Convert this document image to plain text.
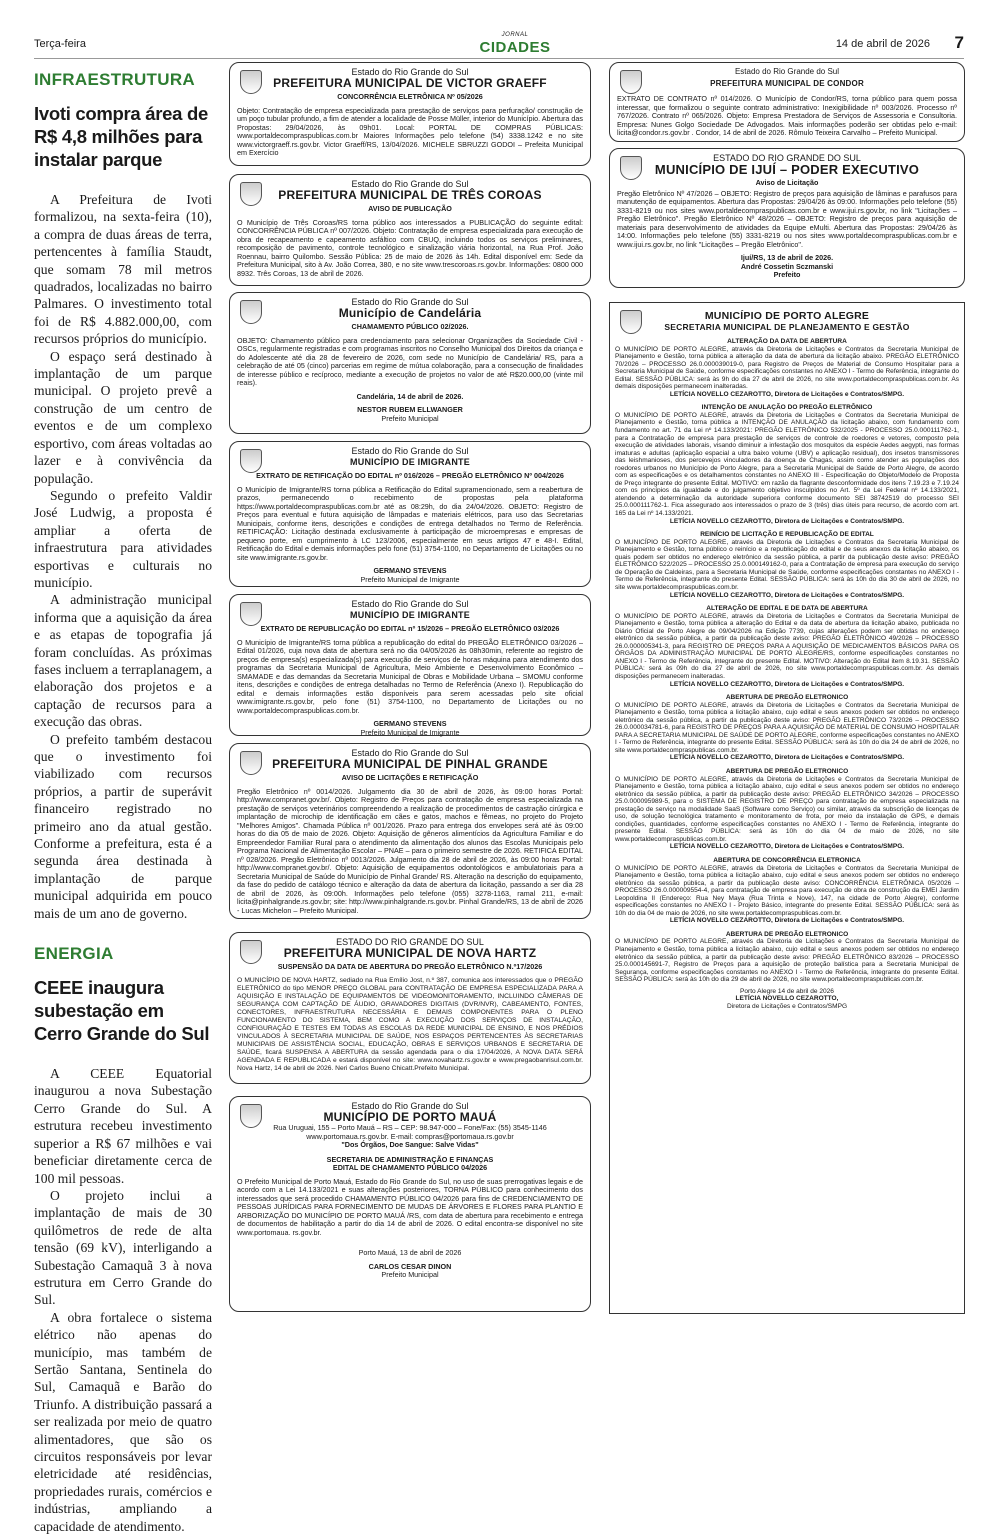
Terça-feira
JORNAL
CIDADES	14 de abril de 2026 7
INFRAESTRUTURA
Ivoti compra área de R$ 4,8 milhões para instalar parque

A Prefeitura de Ivoti formalizou, na sexta-feira (10), a compra de duas áreas de terra, pertencentes à família Staudt, que somam 78 mil metros quadrados, localizadas no bairro Palmares. O investimento total foi de R$ 4.882.000,00, com recursos próprios do município.

O espaço será destinado à implantação de um parque municipal. O projeto prevê a construção de um centro de eventos e de um complexo esportivo, com áreas voltadas ao lazer e à convivência da população.

Segundo o prefeito Valdir José Ludwig, a proposta é ampliar a oferta de infraestrutura para atividades esportivas e culturais no município.

A administração municipal informa que a aquisição da área e as etapas de topografia já foram concluídas. As próximas fases incluem a terraplanagem, a elaboração dos projetos e a captação de recursos para a execução das obras.

O prefeito também destacou que o investimento foi viabilizado com recursos próprios, a partir de superávit financeiro registrado no primeiro ano da atual gestão. Conforme a prefeitura, esta é a segunda área destinada à implantação de parque municipal adquirida em pouco mais de um ano de governo.

ENERGIA
CEEE inaugura subestação em Cerro Grande do Sul

A CEEE Equatorial inaugurou a nova Subestação Cerro Grande do Sul. A estrutura recebeu investimento superior a R$ 67 milhões e vai beneficiar diretamente cerca de 100 mil pessoas.

O projeto inclui a implantação de mais de 30 quilômetros de rede de alta tensão (69 kV), interligando a Subestação Camaquã 3 à nova estrutura em Cerro Grande do Sul.

A obra fortalece o sistema elétrico não apenas do município, mas também de Sertão Santana, Sentinela do Sul, Camaquã e Barão do Triunfo. A distribuição passará a ser realizada por meio de quatro alimentadores, que são os circuitos responsáveis por levar eletricidade até residências, propriedades rurais, comércios e indústrias, ampliando a capacidade de atendimento.

Estado do Rio Grande do Sul
PREFEITURA MUNICIPAL DE VICTOR GRAEFF
CONCORRÊNCIA ELETRÔNICA Nº 05/2026
Objeto: Contratação de empresa especializada para prestação de serviços para perfuração/ construção de um poço tubular profundo, a fim de atender a localidade de Posse Müller, interior do Município. Abertura das Propostas: 29/04/2026, às 09h01. Local: PORTAL DE COMPRAS PÚBLICAS: www.portaldecompraspublicas.com.br Maiores Informações pelo telefone (54) 3338.1242 e no site www.victorgraeff.rs.gov.br. Victor Graeff/RS, 13/04/2026. MICHELE SBRUZZI GODOI – Prefeita Municipal em Exercício
Estado do Rio Grande do Sul
PREFEITURA MUNICIPAL DE TRÊS COROAS
AVISO DE PUBLICAÇÃO
O Município de Três Coroas/RS torna público aos interessados a PUBLICAÇÃO do seguinte edital: CONCORRÊNCIA PÚBLICA nº 007/2026. Objeto: Contratação de empresa especializada para execução de obra de recapeamento e capeamento asfáltico com CBUQ, incluindo todos os serviços preliminares, recomposição de pavimento, controle tecnológico e sinalização viária horizontal, na Rua Prof. João Roennau, bairro Quilombo. Sessão Pública: 25 de maio de 2026 às 14h. Edital disponível em: Sede da Prefeitura Municipal, sito à Av. João Correa, 380, e no site www.trescoroas.rs.gov.br. Informações: 0800 000 8932. Três Coroas, 13 de abril de 2026.
Estado do Rio Grande do Sul
Município de Candelária
CHAMAMENTO PÚBLICO 02/2026.
OBJETO: Chamamento público para credenciamento para selecionar Organizações da Sociedade Civil - OSCs, regularmente registradas e com programas inscritos no Conselho Municipal dos Direitos da criança e do Adolescente até dia 28 de fevereiro de 2026, com sede no Município de Candelária/ RS, para a celebração de até 05 (cinco) parcerias em regime de mútua colaboração, para a consecução de finalidades de interesse público e recíproco, mediante a execução de projetos no valor de até R$20.000,00 (vinte mil reais).
Candelária, 14 de abril de 2026.
NESTOR RUBEM ELLWANGER
Prefeito Municipal
Estado do Rio Grande do Sul
MUNICÍPIO DE IMIGRANTE
EXTRATO DE RETIFICAÇÃO DO EDITAL nº 016/2026 – PREGÃO ELETRÔNICO Nº 004/2026
O Município de Imigrante/RS torna pública a Retificação do Edital supramencionado, sem a reabertura de prazos, permanecendo o recebimento de propostas pela plataforma https://www.portaldecompraspublicas.com.br até as 08:29h, do dia 24/04/2026. OBJETO: Registro de Preços para eventual e futura aquisição de lâmpadas e materiais elétricos, para uso das Secretarias Municipais, conforme itens, descrições e condições de entrega detalhados no Termo de Referência. RETIFICAÇÃO: Licitação destinada exclusivamente à participação de microempresas e empresas de pequeno porte, em cumprimento à LC 123/2006, especialmente em seus artigos 47 e 48-I. Edital, Retificação do Edital e demais informações pelo fone (51) 3754-1100, no Departamento de Licitações ou no site www.imigrante.rs.gov.br.
GERMANO STEVENS
Prefeito Municipal de Imigrante
Estado do Rio Grande do Sul
MUNICÍPIO DE IMIGRANTE
EXTRATO DE REPUBLICAÇÃO DO EDITAL nº 15/2026 – PREGÃO ELETRÔNICO 03/2026
O Município de Imigrante/RS torna pública a republicação do edital do PREGÃO ELETRÔNICO 03/2026 – Edital 01/2026, cuja nova data de abertura será no dia 04/05/2026 às 08h30min, referente ao registro de preços de empresa(s) especializada(s) para execução de serviços de horas máquina para atendimento dos programas da Secretaria Municipal de Agricultura, Meio Ambiente e Desenvolvimento Econômico – SMAMADE e das demandas da Secretaria Municipal de Obras e Mobilidade Urbana – SMOMU conforme itens, descrições e condições de entrega detalhadas no Termo de Referência (Anexo I). Republicação do edital e demais informações estão disponíveis para serem acessadas pelo site oficial www.imigrante.rs.gov.br, pelo fone (51) 3754-1100, no Departamento de Licitações ou no www.portaldecompraspublicas.com.br.
GERMANO STEVENS
Prefeito Municipal de Imigrante
Estado do Rio Grande do Sul
PREFEITURA MUNICIPAL DE PINHAL GRANDE
AVISO DE LICITAÇÕES E RETIFICAÇÃO
Pregão Eletrônico nº 0014/2026. Julgamento dia 30 de abril de 2026, às 09:00 horas Portal: http://www.compranet.gov.br/. Objeto: Registro de Preços para contratação de empresa especializada na prestação de serviços veterinários compreendendo a realização de procedimentos de castração cirúrgica e implantação de microchip de identificação em cães e gatos, machos e fêmeas, no projeto do Projeto "Melhores Amigos". Chamada Pública nº 001/2026. Prazo para entrega dos envelopes será até às 09:00 horas do dia 05 de maio de 2026. Objeto: Aquisição de gêneros alimentícios da Agricultura Familiar e do Empreendedor Familiar Rural para o atendimento da alimentação dos alunos das Escolas Municipais pelo Programa Nacional de Alimentação Escolar – PNAE – para o primeiro semestre de 2026. RETIFICA EDITAL nº 028/2026. Pregão Eletrônico nº 0013/2026. Julgamento dia 28 de abril de 2026, às 09:00 horas Portal: http://www.compranet.gov.br/. Objeto: Aquisição de equipamentos odontológicos e ambulatoriais para a Secretaria Municipal de Saúde do Município de Pinhal Grande/ RS. Alteração na descrição do equipamento, da fase do pedido de catálogo técnico e alteração da data de abertura da licitação, passando a ser dia 28 de abril de 2026, às 09:00h. Informações pelo telefone (055) 3278-1163, ramal 211, e-mail: licita@pinhalgrande.rs.gov.br; site: http://www.pinhalgrande.rs.gov.br. Pinhal Grande/RS, 13 de abril de 2026 - Lucas Michelon – Prefeito Municipal.
ESTADO DO RIO GRANDE DO SUL
PREFEITURA MUNICIPAL DE NOVA HARTZ
SUSPENSÃO DA DATA DE ABERTURA DO PREGÃO ELETRÔNICO N.º17/2026
O MUNICÍPIO DE NOVA HARTZ, sediado na Rua Emílio Jost, n.º 387, comunica aos interessados que o PREGÃO ELETRÔNICO do tipo MENOR PREÇO GLOBAL para CONTRATAÇÃO DE EMPRESA ESPECIALIZADA PARA A AQUISIÇÃO E INSTALAÇÃO DE EQUIPAMENTOS DE VIDEOMONITORAMENTO, INCLUINDO CÂMERAS DE SEGURANÇA COM CAPTAÇÃO DE ÁUDIO, GRAVADORES DIGITAIS (DVR/NVR), CABEAMENTO, FONTES, CONECTORES, INFRAESTRUTURA NECESSÁRIA E DEMAIS COMPONENTES PARA O PLENO FUNCIONAMENTO DO SISTEMA, BEM COMO A EXECUÇÃO DOS SERVIÇOS DE INSTALAÇÃO, CONFIGURAÇÃO E TESTES EM TODAS AS ESCOLAS DA REDE MUNICIPAL DE ENSINO, E NOS PRÉDIOS VINCULADOS À SECRETARIA MUNICIPAL DE SAÚDE, NOS ESPAÇOS PERTENCENTES ÀS SECRETARIAS MUNICIPAIS DE ASSISTÊNCIA SOCIAL, EDUCAÇÃO, OBRAS E SERVIÇOS URBANOS E SECRETARIA DE SAÚDE, ficará SUSPENSA A ABERTURA da sessão agendada para o dia 17/04/2026, A NOVA DATA SERÁ AGENDADA E REPUBLICADA e estará disponível no site: www.novahartz.rs.gov.br e www.pregaobanrisul.com.br. Nova Hartz, 14 de abril de 2026. Neri Carlos Bueno Chicatt.Prefeito Municipal.
Estado do Rio Grande do Sul
MUNICÍPIO DE PORTO MAUÁ
Rua Uruguai, 155 – Porto Mauá – RS – CEP: 98.947-000 – Fone/Fax: (55) 3545-1146
www.portomaua.rs.gov.br. E-mail: compras@portomaua.rs.gov.br
"Dos Órgãos, Doe Sangue: Salve Vidas"
SECRETARIA DE ADMINISTRAÇÃO E FINANÇAS
EDITAL DE CHAMAMENTO PÚBLICO 04/2026
O Prefeito Municipal de Porto Mauá, Estado do Rio Grande do Sul, no uso de suas prerrogativas legais e de acordo com a Lei 14.133/2021 e suas alterações posteriores, TORNA PÚBLICO para conhecimento dos interessados que será procedido CHAMAMENTO PÚBLICO 04/2026 para fins de CREDENCIAMENTO DE PESSOAS JURÍDICAS PARA FORNECIMENTO DE MUDAS DE ÁRVORES E FLORES PARA PLANTIO E ARBORIZAÇÃO DO MUNICÍPIO DE PORTO MAUÁ /RS, com data de abertura para recebimento e entrega de documentos de habilitação a partir do dia 14 de abril de 2026. O edital encontra-se disponível no site www.portomaua. rs.gov.br.
Porto Mauá, 13 de abril de 2026
CARLOS CESAR DINON
Prefeito Municipal
Estado do Rio Grande do Sul
PREFEITURA MUNICIPAL DE CONDOR
EXTRATO DE CONTRATO nº 014/2026. O Município de Condor/RS, torna público para quem possa interessar, que formalizou o seguinte contrato administrativo: Inexigibilidade nº 003/2026. Processo nº 767/2026. Contrato nº 065/2026. Objeto: Empresa Prestadora de Serviços de Assessoria e Consultoria. Empresa: Nunes Golgo Sociedade De Advogados. Mais informações poderão ser obtidas pelo e-mail: licita@condor.rs.gov.br . Condor, 14 de abril de 2026. Rômulo Teixeira Carvalho – Prefeito Municipal.
ESTADO DO RIO GRANDE DO SUL
MUNICÍPIO DE IJUÍ – PODER EXECUTIVO
Aviso de Licitação
Pregão Eletrônico Nº 47/2026 – OBJETO: Registro de preços para aquisição de lâminas e parafusos para manutenção de equipamentos. Abertura das Propostas: 29/04/26 às 09:00. Informações pelo telefone (55) 3331-8219 ou nos sites www.portaldecompraspublicas.com.br e www.ijui.rs.gov.br, no link "Licitações – Pregão Eletrônico". Pregão Eletrônico Nº 48/2026 – OBJETO: Registro de preços para aquisição de materiais para desenvolvimento de atividades da Equipe eMulti. Abertura das Propostas: 29/04/26 às 14:00. Informações pelo telefone (55) 3331-8219 ou nos sites www.portaldecompraspublicas.com.br e www.ijui.rs.gov.br, no link "Licitações – Pregão Eletrônico".
Ijuí/RS, 13 de abril de 2026.
André Cossetin Sczmanski
Prefeito
MUNICÍPIO DE PORTO ALEGRE
SECRETARIA MUNICIPAL DE PLANEJAMENTO E GESTÃO
ALTERAÇÃO DA DATA DE ABERTURA
O MUNICÍPIO DE PORTO ALEGRE, através da Diretoria de Licitações e Contratos da Secretaria Municipal de Planejamento e Gestão, torna pública a alteração da data de abertura da licitação abaixo. PREGÃO ELETRÔNICO 70/2026 – PROCESSO 26.0.000039019-0, para Registro de Preços de Material de Consumo Hospitalar para a Secretaria Municipal de Saúde, conforme especificações constantes no ANEXO I - Termo de Referência, integrante do Edital. SESSÃO PÚBLICA: será às 9h do dia 27 de abril de 2026, no site www.portaldecompraspublicas.com.br. As demais disposições permanecem inalteradas.
LETÍCIA NOVELLO CEZAROTTO, Diretora de Licitações e Contratos/SMPG.
INTENÇÃO DE ANULAÇÃO DO PREGÃO ELETRÔNICO
O MUNICÍPIO DE PORTO ALEGRE, através da Diretoria de Licitações e Contratos da Secretaria Municipal de Planejamento e Gestão, torna pública a INTENÇÃO DE ANULAÇÃO da licitação abaixo, com fundamento com fundamento no art. 71 da Lei nº 14.133/2021: PREGÃO ELETRÔNICO 532/2025 - PROCESSO 25.0.000111762-1, para a Contratação de empresa para prestação de serviços de controle de roedores e vetores, composto pela execução de atividades laborais, visando diminuir a infestação dos mosquitos da espécie Aedes aegypti, nas formas imaturas e adultas (aplicação espacial a ultra baixo volume (UBV) e aplicação residual), dos insetos transmissores das leishmanioses, dos percevejos vinculadores da doença de Chagas, assim como atender as populações dos roedores urbanos no Município de Porto Alegre, para a Secretaria Municipal de Saúde de Porto Alegre, de acordo com as especificações e os detalhamentos constantes no ANEXO III - Especificação do Objeto/Modelo de Proposta de Preço integrante do presente Edital. MOTIVO: em razão da flagrante desconformidade dos itens 7.19.23 e 7.19.24 com os princípios da igualdade e do julgamento objetivo insculpidos no Art. 5º da Lei Federal nº 14.133/2021, atendendo a determinação da autoridade superiora conforme documento SEI 38742519 do processo SEI 25.0.000111762-1. Fica assegurado aos interessados o prazo de 3 (três) dias úteis para recurso, de acordo com art. 165 da Lei nº 14.133/2021.
LETÍCIA NOVELLO CEZAROTTO, Diretora de Licitações e Contratos/SMPG.
REINÍCIO DE LICITAÇÃO E REPUBLICAÇÃO DE EDITAL
O MUNICÍPIO DE PORTO ALEGRE, através da Diretoria de Licitações e Contratos da Secretaria Municipal de Planejamento e Gestão, torna público o reinício e a republicação do edital e de seus anexos da licitação abaixo, os quais podem ser obtidos no endereço eletrônico da sessão pública, a partir da publicação deste aviso: PREGÃO ELETRÔNICO 522/2025 – PROCESSO 25.0.000149162-0, para a Contratação de empresa para execução do serviço de Operação de Caldeiras, para a Secretaria Municipal de Saúde, conforme especificações constantes no ANEXO I - Termo de Referência, integrante do presente Edital. SESSÃO PÚBLICA: será às 10h do dia 30 de abril de 2026, no site www.portaldecompraspublicas.com.br.
LETÍCIA NOVELLO CEZAROTTO, Diretora de Licitações e Contratos/SMPG.
ALTERAÇÃO DE EDITAL E DE DATA DE ABERTURA
O MUNICÍPIO DE PORTO ALEGRE, através da Diretoria de Licitações e Contratos da Secretaria Municipal de Planejamento e Gestão, torna pública a alteração do Edital e da data de abertura da licitação abaixo, publicada no Diário Oficial de Porto Alegre de 09/04/2026 na Edição 7739, cujas alterações podem ser obtidas no endereço eletrônico da sessão pública, a partir da publicação deste aviso: PREGÃO ELETRÔNICO 49/2026 – PROCESSO 26.0.000005341-3, para REGISTRO DE PREÇOS PARA A AQUISIÇÃO DE MEDICAMENTOS BÁSICOS PARA OS ÓRGÃOS DA ADMINISTRAÇÃO MUNICIPAL DE PORTO ALEGRE/RS, conforme especificações constantes no ANEXO I - Termo de Referência, integrante do presente Edital. MOTIVO: Alteração do Edital item 8.19.31. SESSÃO PÚBLICA: será às 09h do dia 27 de abril de 2026, no site www.portaldecompraspublicas.com.br. As demais disposições permanecem inalteradas.
LETÍCIA NOVELLO CEZAROTTO, Diretora de Licitações e Contratos/SMPG.
ABERTURA DE PREGÃO ELETRONICO
O MUNICÍPIO DE PORTO ALEGRE, através da Diretoria de Licitações e Contratos da Secretaria Municipal de Planejamento e Gestão, torna pública a licitação abaixo, cujo edital e seus anexos podem ser obtidos no endereço eletrônico da sessão pública, a partir da publicação deste aviso: PREGÃO ELETRÔNICO 73/2026 – PROCESSO 26.0.000034781-6, para REGISTRO DE PREÇOS PARA A AQUISIÇÃO DE MATERIAL DE CONSUMO HOSPITALAR PARA A SECRETARIA MUNICIPAL DE SAÚDE DE PORTO ALEGRE, conforme especificações constantes no ANEXO I - Termo de Referência, integrante do presente Edital. SESSÃO PÚBLICA: será às 10h do dia 24 de abril de 2026, no site www.portaldecompraspublicas.com.br.
LETÍCIA NOVELLO CEZAROTTO, Diretora de Licitações e Contratos/SMPG.
ABERTURA DE PREGÃO ELETRONICO
O MUNICÍPIO DE PORTO ALEGRE, através da Diretoria de Licitações e Contratos da Secretaria Municipal de Planejamento e Gestão, torna pública a licitação abaixo, cujo edital e seus anexos podem ser obtidos no endereço eletrônico da sessão pública, a partir da publicação deste aviso: PREGÃO ELETRÔNICO 34/2026 – PROCESSO 25.0.000095989-5, para o SISTEMA DE REGISTRO DE PREÇO para contratação de empresa especializada na prestação de serviço na modalidade SaaS (Software como Serviço) ou similar, através da subscrição de licenças de uso, de solução tecnológica tratamento e monitoramento de frota, por meio da instalação de GPS, e demais condições, quantidades, conforme especificações constantes no ANEXO I - Termo de Referência, integrante do presente Edital. SESSÃO PÚBLICA: será às 10h do dia 04 de maio de 2026, no site www.portaldecompraspublicas.com.br.
LETÍCIA NOVELLO CEZAROTTO, Diretora de Licitações e Contratos/SMPG.
ABERTURA DE CONCORRÊNCIA ELETRONICA
O MUNICÍPIO DE PORTO ALEGRE, através da Diretoria de Licitações e Contratos da Secretaria Municipal de Planejamento e Gestão, torna pública a licitação abaixo, cujo edital e seus anexos podem ser obtidos no endereço eletrônico da sessão pública, a partir da publicação deste aviso: CONCORRÊNCIA ELETRÔNICA 05/2026 – PROCESSO 26.0.000009554-4, para contratação de empresa para execução de obra de construção da EMEI Jardim Leopoldina II (Endereço: Rua Ney Maya (Rua Trinta e Nove), 147, na cidade de Porto Alegre), conforme especificações constantes no ANEXO I - Projeto Básico, integrante do presente Edital. SESSÃO PÚBLICA: será às 10h do dia 04 de maio de 2026, no site www.portaldecompraspublicas.com.br.
LETÍCIA NOVELLO CEZAROTTO, Diretora de Licitações e Contratos/SMPG.
ABERTURA DE PREGÃO ELETRONICO
O MUNICÍPIO DE PORTO ALEGRE, através da Diretoria de Licitações e Contratos da Secretaria Municipal de Planejamento e Gestão, torna pública a licitação abaixo, cujo edital e seus anexos podem ser obtidos no endereço eletrônico da sessão pública, a partir da publicação deste aviso: PREGÃO ELETRÔNICO 83/2026 – PROCESSO 25.0.000145691-7, Registro de Preços para a aquisição de proteção balística para a Secretaria Municipal de Segurança, conforme especificações constantes no ANEXO I - Termo de Referência, integrante do presente Edital. SESSÃO PÚBLICA: será às 10h do dia 29 de abril de 2026, no site www.portaldecompraspublicas.com.br.
Porto Alegre 14 de abril de 2026
LETÍCIA NOVELLO CEZAROTTO,
Diretora de Licitações e Contratos/SMPG
